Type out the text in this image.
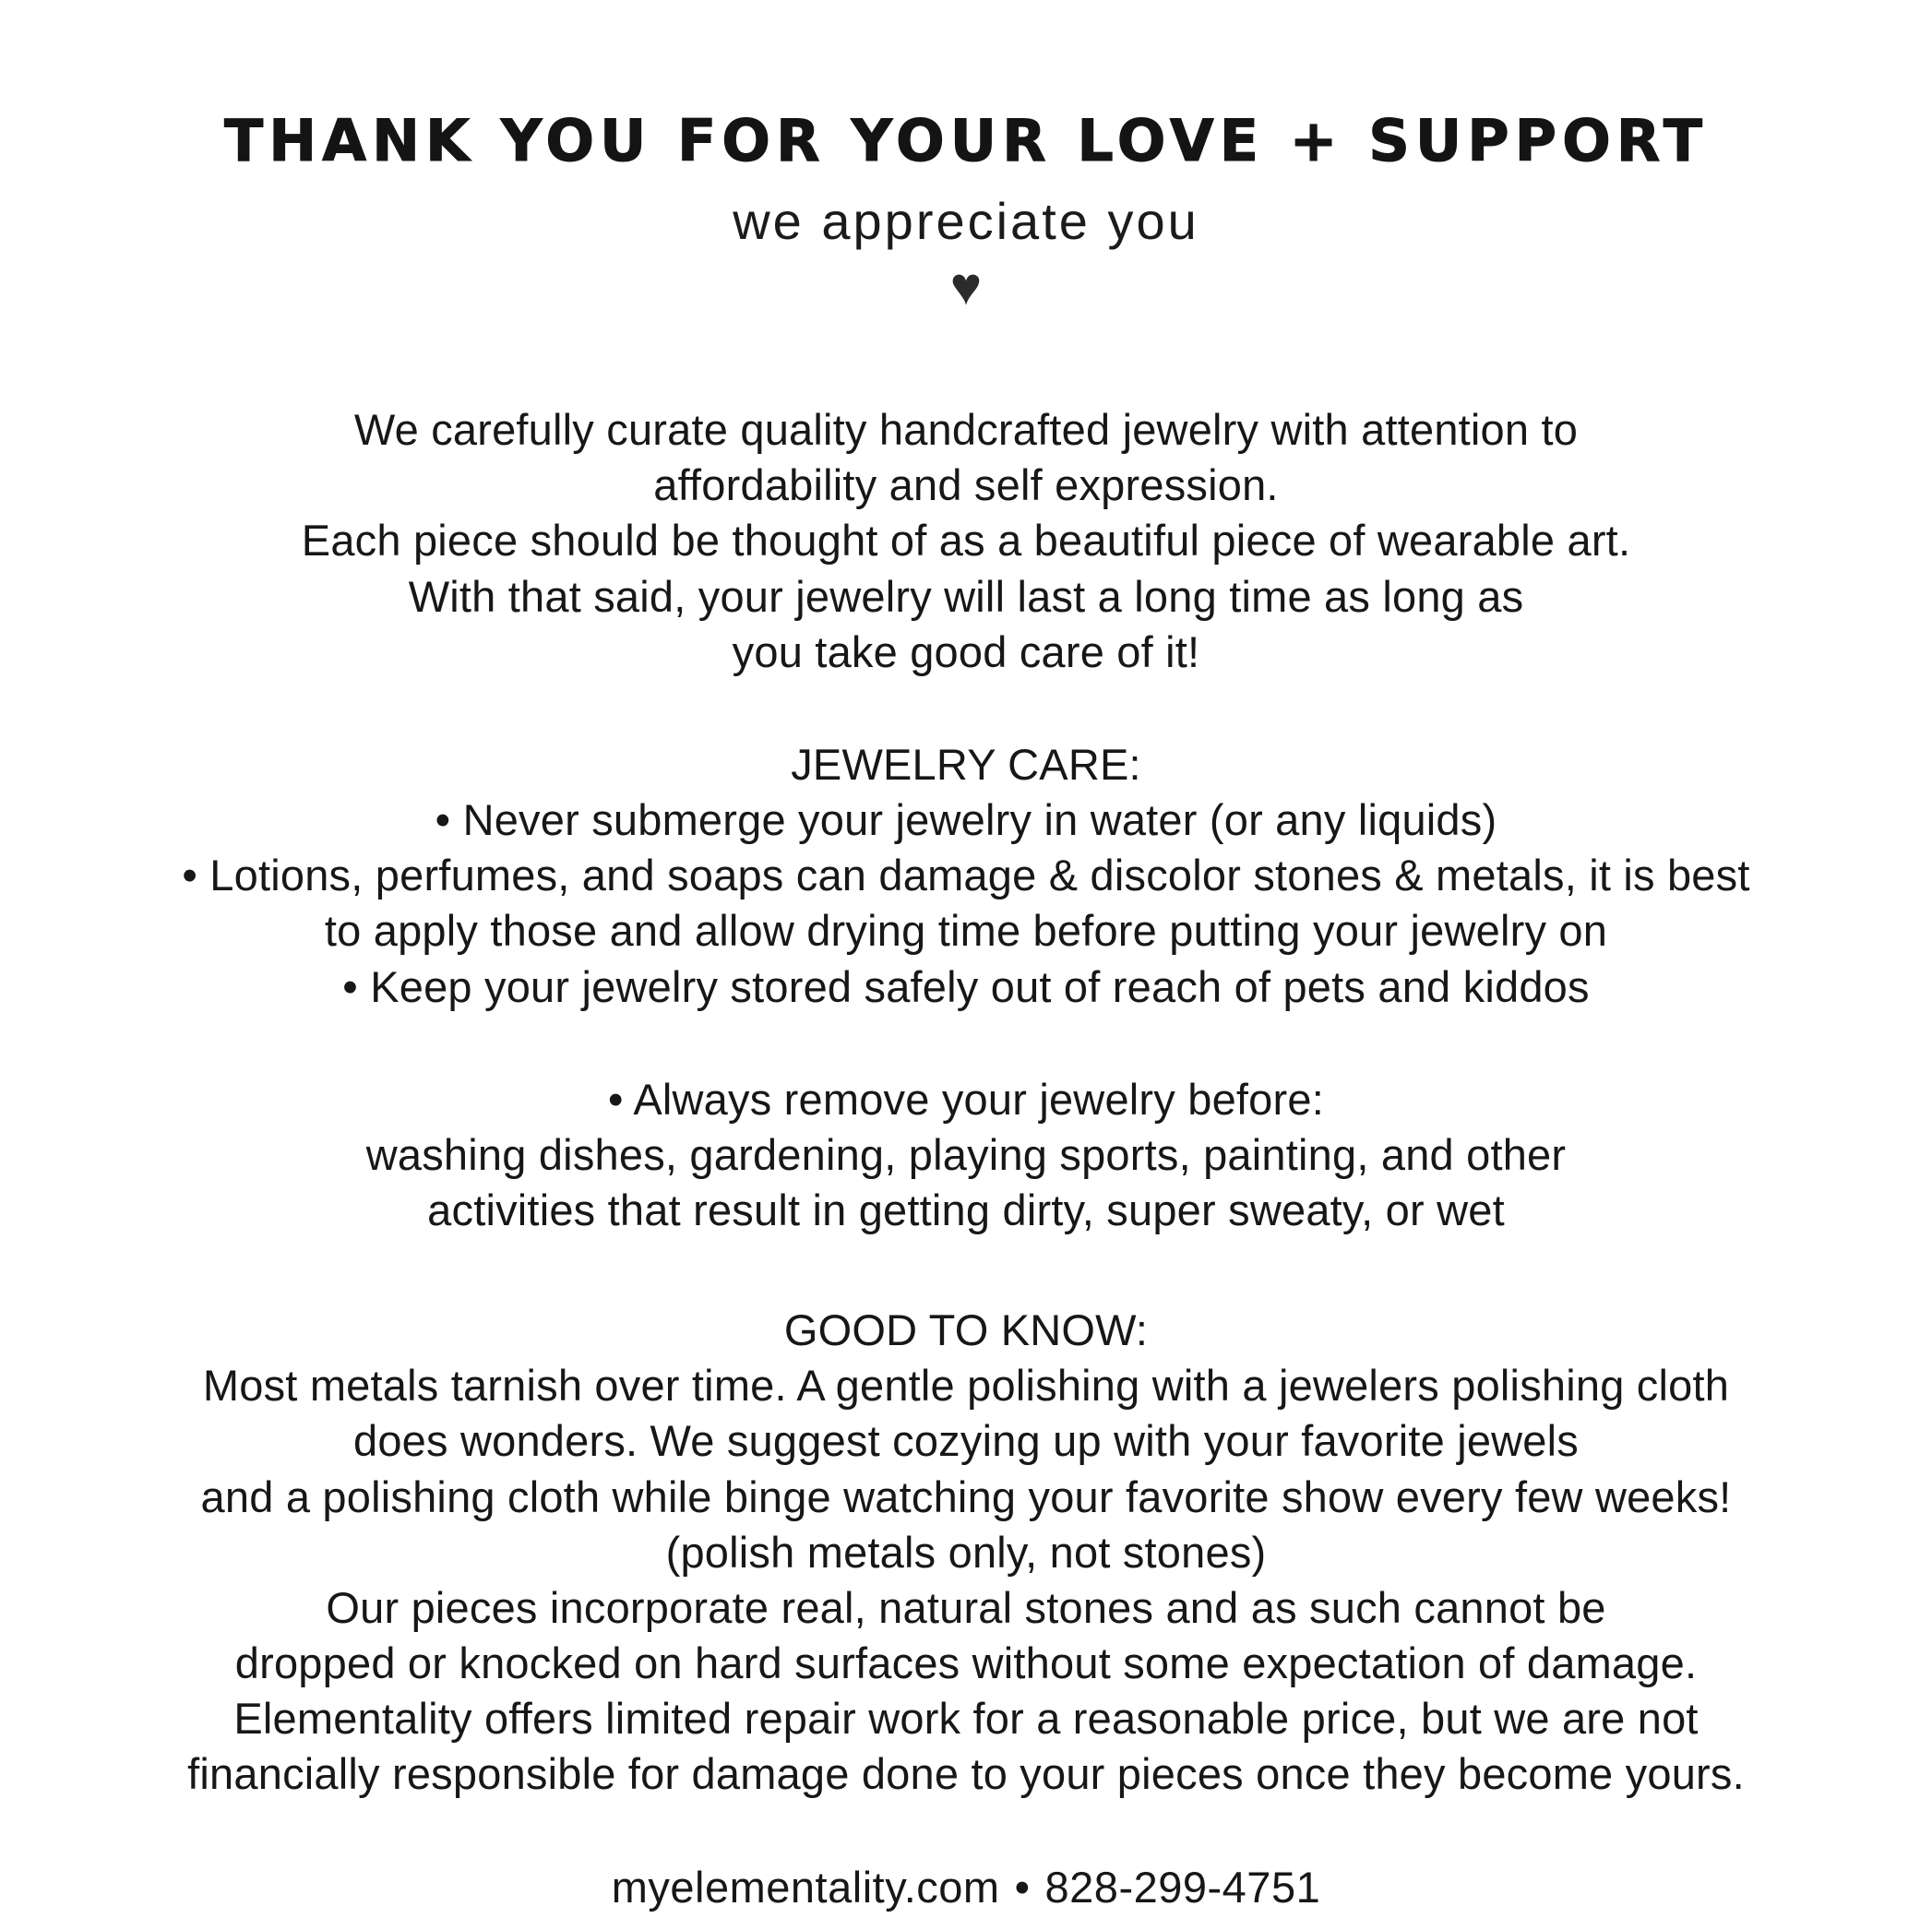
THANK YOU FOR YOUR LOVE + SUPPORT
we appreciate you
♥
We carefully curate quality handcrafted jewelry with attention to
affordability and self expression.
Each piece should be thought of as a beautiful piece of wearable art.
With that said, your jewelry will last a long time as long as
you take good care of it!
JEWELRY CARE:
• Never submerge your jewelry in water (or any liquids)
• Lotions, perfumes, and soaps can damage & discolor stones & metals, it is best
to apply those and allow drying time before putting your jewelry on
• Keep your jewelry stored safely out of reach of pets and kiddos
• Always remove your jewelry before:
washing dishes, gardening, playing sports, painting, and other
activities that result in getting dirty, super sweaty, or wet
GOOD TO KNOW:
Most metals tarnish over time. A gentle polishing with a jewelers polishing cloth
does wonders. We suggest cozying up with your favorite jewels
and a polishing cloth while binge watching your favorite show every few weeks!
(polish metals only, not stones)
Our pieces incorporate real, natural stones and as such cannot be
dropped or knocked on hard surfaces without some expectation of damage.
Elementality offers limited repair work for a reasonable price, but we are not
financially responsible for damage done to your pieces once they become yours.
myelementality.com • 828-299-4751
